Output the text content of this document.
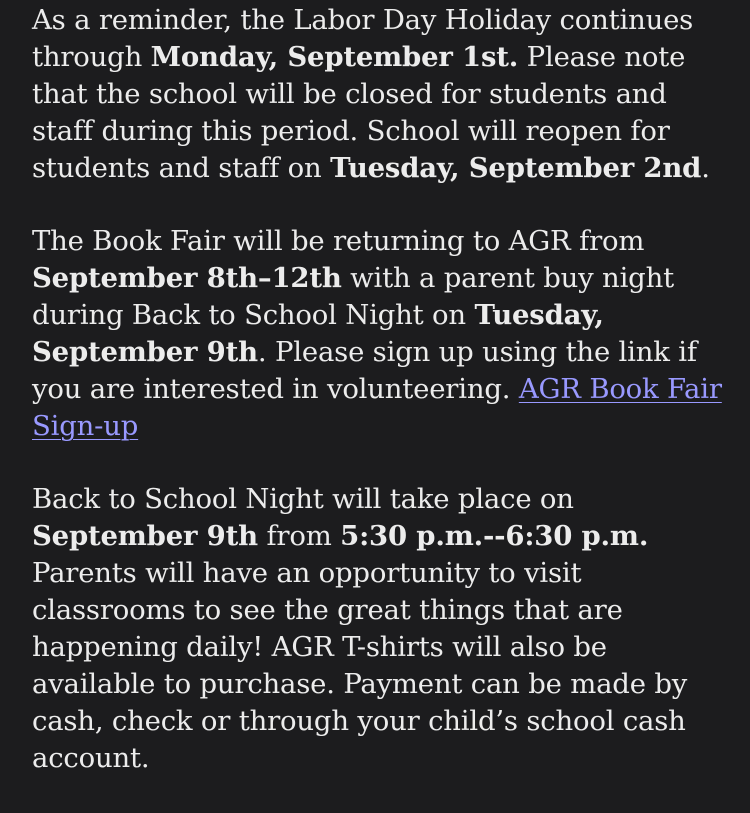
As a reminder, the Labor Day Holiday continues through Monday, September 1st. Please note that the school will be closed for students and staff during this period. School will reopen for students and staff on Tuesday, September 2nd.

The Book Fair will be returning to AGR from September 8th–12th with a parent buy night during Back to School Night on Tuesday, September 9th. Please sign up using the link if you are interested in volunteering. AGR Book Fair Sign-up

Back to School Night will take place on September 9th from 5:30 p.m.--6:30 p.m.
Parents will have an opportunity to visit classrooms to see the great things that are happening daily! AGR T-shirts will also be available to purchase. Payment can be made by cash, check or through your child’s school cash account.
